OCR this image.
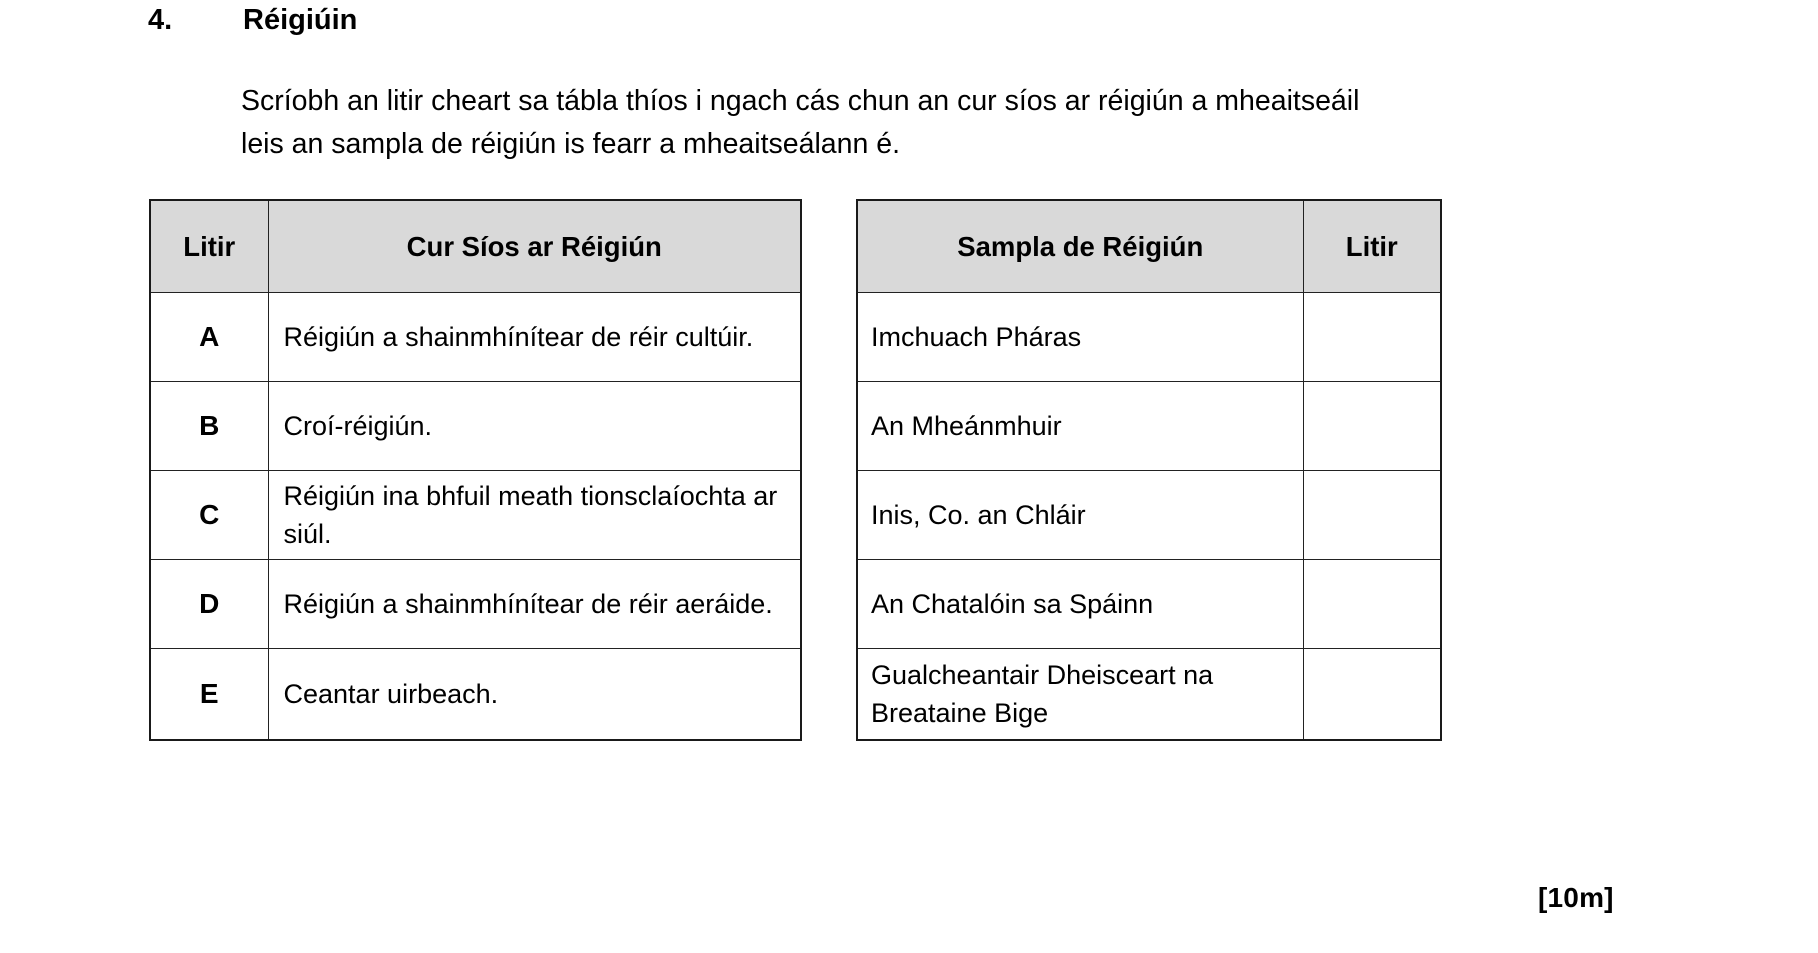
4.	Réigiúin
Scríobh an litir cheart sa tábla thíos i ngach cás chun an cur síos ar réigiún a mheaitseáil
leis an sampla de réigiún is fearr a mheaitseálann é.
Litir	Cur Síos ar Réigiún
A	Réigiún a shainmhínítear de réir cultúir.
B	Croí-réigiún.
C	Réigiún ina bhfuil meath tionsclaíochta ar siúl.
D	Réigiún a shainmhínítear de réir aeráide.
E	Ceantar uirbeach.
Sampla de Réigiún	Litir
Imchuach Pháras	
An Mheánmhuir	
Inis, Co. an Chláir	
An Chatalóin sa Spáinn	
Gualcheantair Dheisceart na Breataine Bige	
[10m]
